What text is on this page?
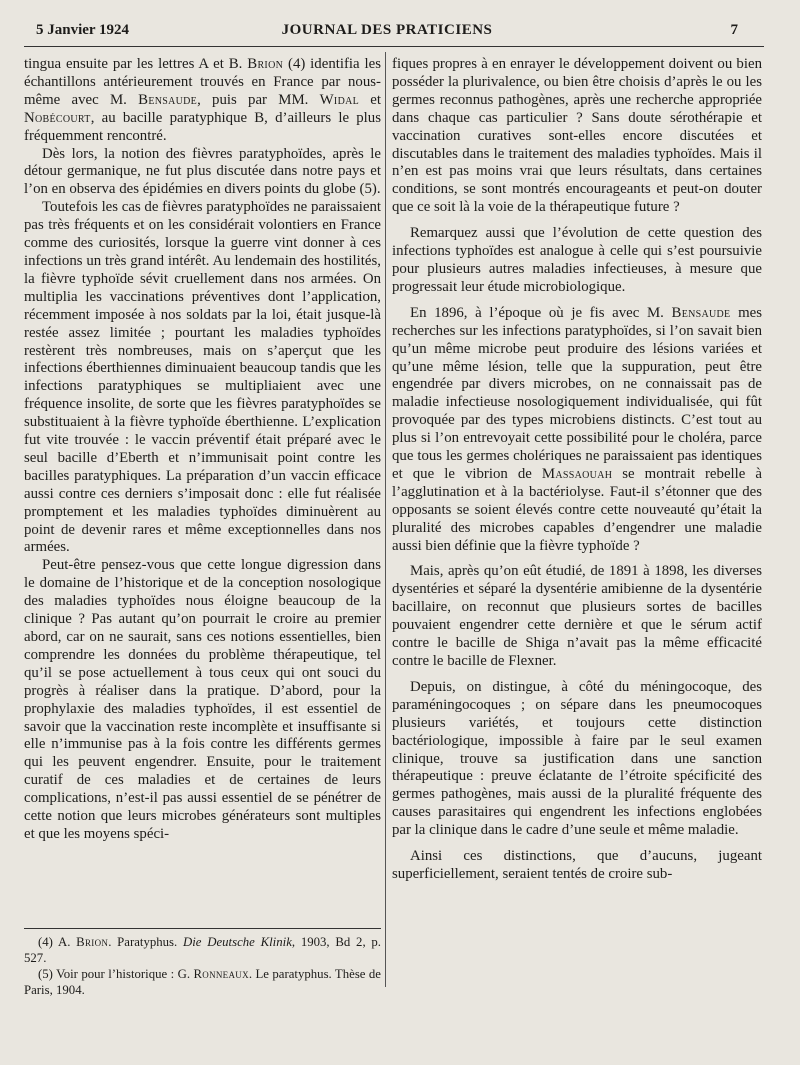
5 Janvier 1924	JOURNAL DES PRATICIENS	7

tingua ensuite par les lettres A et B. Brion (4) identifia les échantillons antérieurement trouvés en France par nous-même avec M. Bensaude, puis par MM. Widal et Nobécourt, au bacille paratyphique B, d’ailleurs le plus fréquemment rencontré.

Dès lors, la notion des fièvres paratyphoïdes, après le détour germanique, ne fut plus discutée dans notre pays et l’on en observa des épidémies en divers points du globe (5).

Toutefois les cas de fièvres paratyphoïdes ne paraissaient pas très fréquents et on les considérait volontiers en France comme des curiosités, lorsque la guerre vint donner à ces infections un très grand intérêt. Au lendemain des hostilités, la fièvre typhoïde sévit cruellement dans nos armées. On multiplia les vaccinations préventives dont l’application, récemment imposée à nos soldats par la loi, était jusque-là restée assez limitée ; pourtant les maladies typhoïdes restèrent très nombreuses, mais on s’aperçut que les infections éberthiennes diminuaient beaucoup tandis que les infections paratyphiques se multipliaient avec une fréquence insolite, de sorte que les fièvres paratyphoïdes se substituaient à la fièvre typhoïde éberthienne. L’explication fut vite trouvée : le vaccin préventif était préparé avec le seul bacille d’Eberth et n’immunisait point contre les bacilles paratyphiques. La préparation d’un vaccin efficace aussi contre ces derniers s’imposait donc : elle fut réalisée promptement et les maladies typhoïdes diminuèrent au point de devenir rares et même exceptionnelles dans nos armées.

Peut-être pensez-vous que cette longue digression dans le domaine de l’historique et de la conception nosologique des maladies typhoïdes nous éloigne beaucoup de la clinique ? Pas autant qu’on pourrait le croire au premier abord, car on ne saurait, sans ces notions essentielles, bien comprendre les données du problème thérapeutique, tel qu’il se pose actuellement à tous ceux qui ont souci du progrès à réaliser dans la pratique. D’abord, pour la prophylaxie des maladies typhoïdes, il est essentiel de savoir que la vaccination reste incomplète et insuffisante si elle n’immunise pas à la fois contre les différents germes qui les peuvent engendrer. Ensuite, pour le traitement curatif de ces maladies et de certaines de leurs complications, n’est-il pas aussi essentiel de se pénétrer de cette notion que leurs microbes générateurs sont multiples et que les moyens spéci-

(4) A. Brion. Paratyphus. Die Deutsche Klinik, 1903, Bd 2, p. 527.

(5) Voir pour l’historique : G. Ronneaux. Le paratyphus. Thèse de Paris, 1904.

fiques propres à en enrayer le développement doivent ou bien posséder la plurivalence, ou bien être choisis d’après le ou les germes reconnus pathogènes, après une recherche appropriée dans chaque cas particulier ? Sans doute sérothérapie et vaccination curatives sont-elles encore discutées et discutables dans le traitement des maladies typhoïdes. Mais il n’en est pas moins vrai que leurs résultats, dans certaines conditions, se sont montrés encourageants et peut-on douter que ce soit là la voie de la thérapeutique future ?

Remarquez aussi que l’évolution de cette question des infections typhoïdes est analogue à celle qui s’est poursuivie pour plusieurs autres maladies infectieuses, à mesure que progressait leur étude microbiologique.

En 1896, à l’époque où je fis avec M. Bensaude mes recherches sur les infections paratyphoïdes, si l’on savait bien qu’un même microbe peut produire des lésions variées et qu’une même lésion, telle que la suppuration, peut être engendrée par divers microbes, on ne connaissait pas de maladie infectieuse nosologiquement individualisée, qui fût provoquée par des types microbiens distincts. C’est tout au plus si l’on entrevoyait cette possibilité pour le choléra, parce que tous les germes cholériques ne paraissaient pas identiques et que le vibrion de Massaouah se montrait rebelle à l’agglutination et à la bactériolyse. Faut-il s’étonner que des opposants se soient élevés contre cette nouveauté qu’était la pluralité des microbes capables d’engendrer une maladie aussi bien définie que la fièvre typhoïde ?

Mais, après qu’on eût étudié, de 1891 à 1898, les diverses dysentéries et séparé la dysentérie amibienne de la dysentérie bacillaire, on reconnut que plusieurs sortes de bacilles pouvaient engendrer cette dernière et que le sérum actif contre le bacille de Shiga n’avait pas la même efficacité contre le bacille de Flexner.

Depuis, on distingue, à côté du méningocoque, des paraméningocoques ; on sépare dans les pneumocoques plusieurs variétés, et toujours cette distinction bactériologique, impossible à faire par le seul examen clinique, trouve sa justification dans une sanction thérapeutique : preuve éclatante de l’étroite spécificité des germes pathogènes, mais aussi de la pluralité fréquente des causes parasitaires qui engendrent les infections englobées par la clinique dans le cadre d’une seule et même maladie.

Ainsi ces distinctions, que d’aucuns, jugeant superficiellement, seraient tentés de croire sub-
